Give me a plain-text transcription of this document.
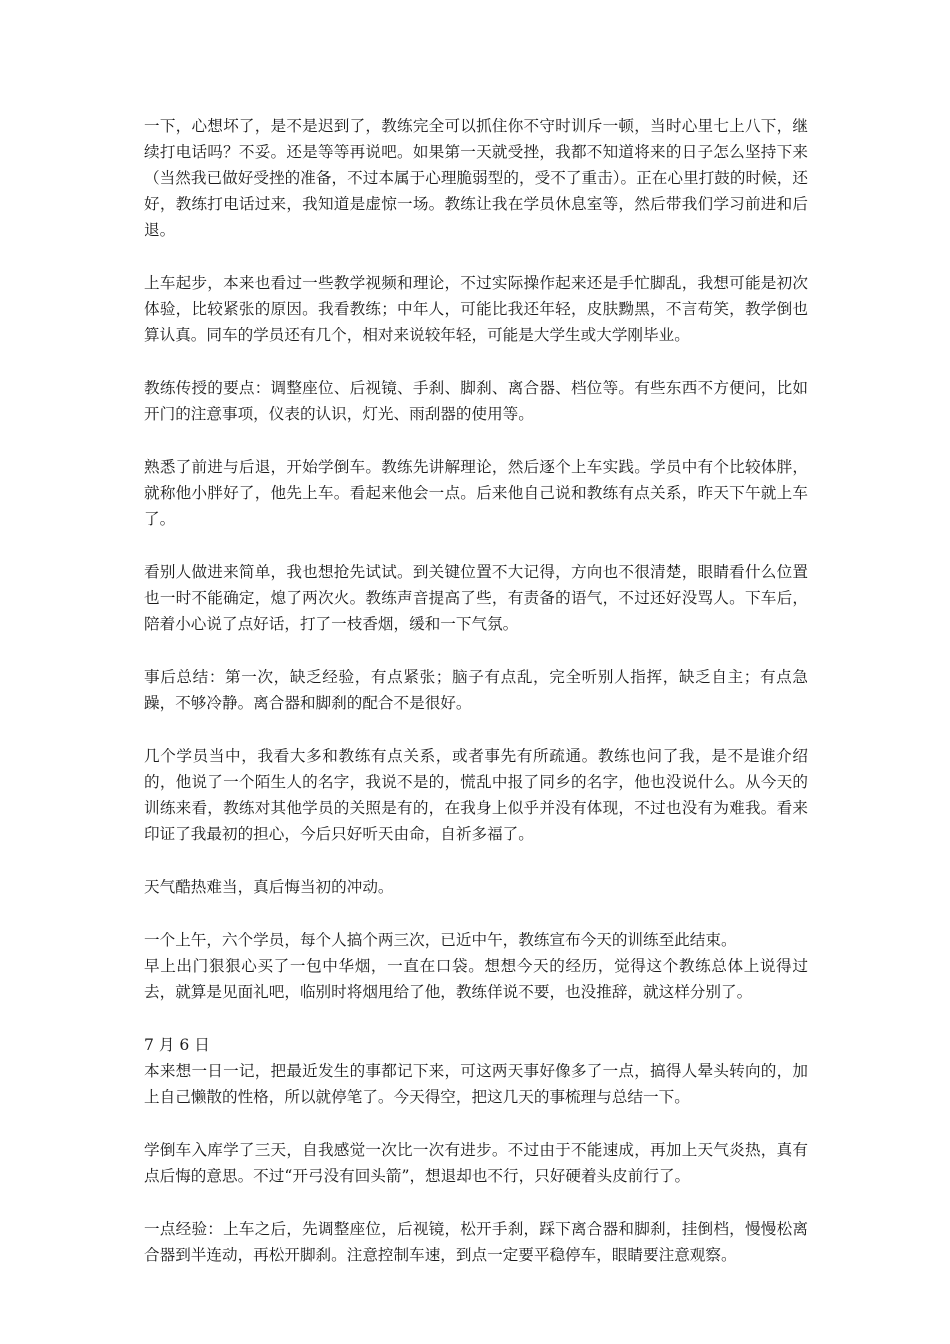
一下，心想坏了，是不是迟到了，教练完全可以抓住你不守时训斥一顿，当时心里七上八下，继续打电话吗？不妥。还是等等再说吧。如果第一天就受挫，我都不知道将来的日子怎么坚持下来（当然我已做好受挫的准备，不过本属于心理脆弱型的，受不了重击）。正在心里打鼓的时候，还好，教练打电话过来，我知道是虚惊一场。教练让我在学员休息室等，然后带我们学习前进和后退。

上车起步，本来也看过一些教学视频和理论，不过实际操作起来还是手忙脚乱，我想可能是初次体验，比较紧张的原因。我看教练；中年人，可能比我还年轻，皮肤黝黑，不言苟笑，教学倒也算认真。同车的学员还有几个，相对来说较年轻，可能是大学生或大学刚毕业。

教练传授的要点：调整座位、后视镜、手刹、脚刹、离合器、档位等。有些东西不方便问，比如开门的注意事项，仪表的认识，灯光、雨刮器的使用等。

熟悉了前进与后退，开始学倒车。教练先讲解理论，然后逐个上车实践。学员中有个比较体胖，就称他小胖好了，他先上车。看起来他会一点。后来他自己说和教练有点关系，昨天下午就上车了。

看别人做进来简单，我也想抢先试试。到关键位置不大记得，方向也不很清楚，眼睛看什么位置也一时不能确定，熄了两次火。教练声音提高了些，有责备的语气，不过还好没骂人。下车后，陪着小心说了点好话，打了一枝香烟，缓和一下气氛。

事后总结：第一次，缺乏经验，有点紧张；脑子有点乱，完全听别人指挥，缺乏自主；有点急躁，不够冷静。离合器和脚刹的配合不是很好。

几个学员当中，我看大多和教练有点关系，或者事先有所疏通。教练也问了我，是不是谁介绍的，他说了一个陌生人的名字，我说不是的，慌乱中报了同乡的名字，他也没说什么。从今天的训练来看，教练对其他学员的关照是有的，在我身上似乎并没有体现，不过也没有为难我。看来印证了我最初的担心，今后只好听天由命，自祈多福了。

天气酷热难当，真后悔当初的冲动。

一个上午，六个学员，每个人搞个两三次，已近中午，教练宣布今天的训练至此结束。

早上出门狠狠心买了一包中华烟，一直在口袋。想想今天的经历，觉得这个教练总体上说得过去，就算是见面礼吧，临别时将烟甩给了他，教练佯说不要，也没推辞，就这样分别了。

7 月 6 日

本来想一日一记，把最近发生的事都记下来，可这两天事好像多了一点，搞得人晕头转向的，加上自己懒散的性格，所以就停笔了。今天得空，把这几天的事梳理与总结一下。

学倒车入库学了三天，自我感觉一次比一次有进步。不过由于不能速成，再加上天气炎热，真有点后悔的意思。不过“开弓没有回头箭”，想退却也不行，只好硬着头皮前行了。

一点经验：上车之后，先调整座位，后视镜，松开手刹，踩下离合器和脚刹，挂倒档，慢慢松离合器到半连动，再松开脚刹。注意控制车速，到点一定要平稳停车，眼睛要注意观察。
